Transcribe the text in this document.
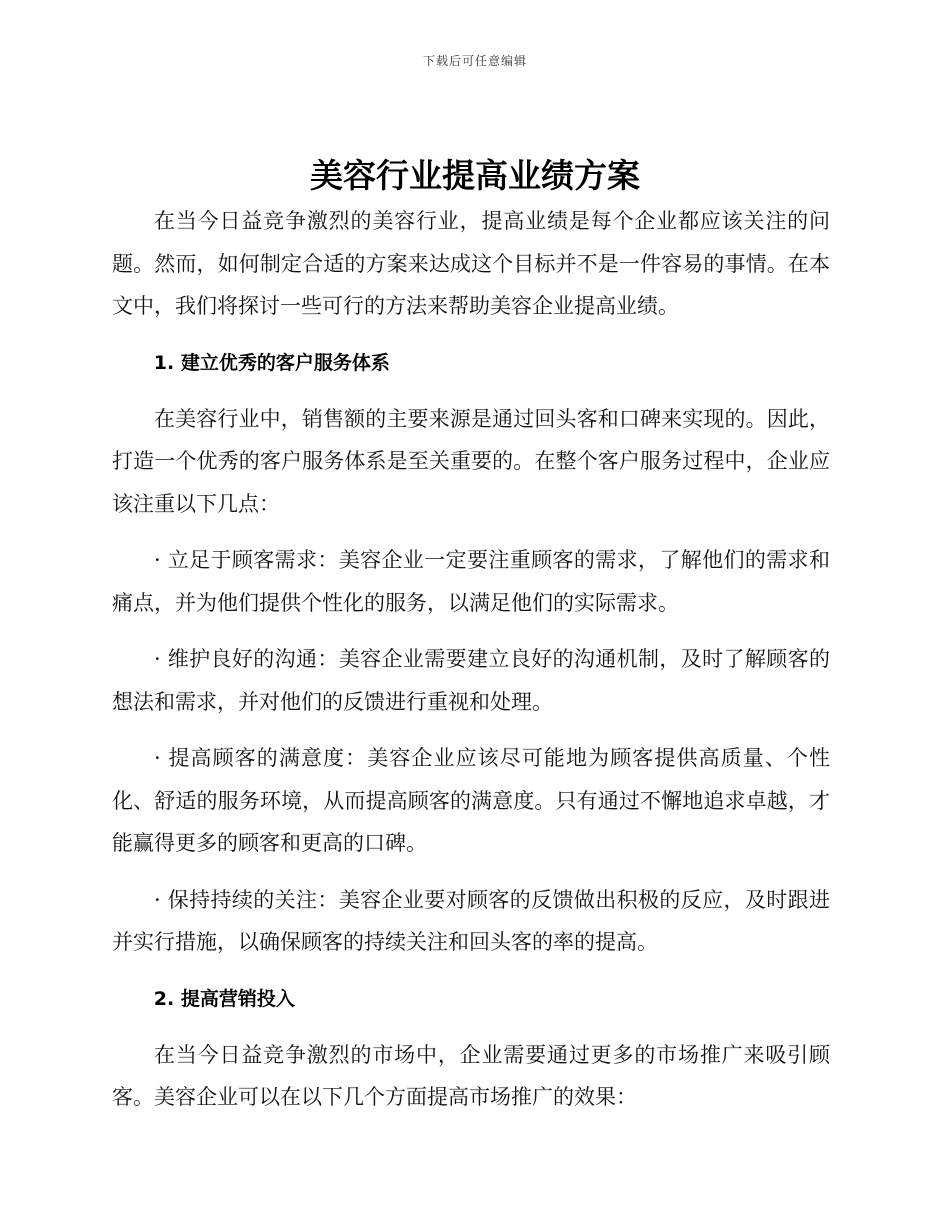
下载后可任意编辑
美容行业提高业绩方案

在当今日益竞争激烈的美容行业，提高业绩是每个企业都应该关注的问题。然而，如何制定合适的方案来达成这个目标并不是一件容易的事情。在本文中，我们将探讨一些可行的方法来帮助美容企业提高业绩。

1. 建立优秀的客户服务体系

在美容行业中，销售额的主要来源是通过回头客和口碑来实现的。因此，打造一个优秀的客户服务体系是至关重要的。在整个客户服务过程中，企业应该注重以下几点：

· 立足于顾客需求：美容企业一定要注重顾客的需求，了解他们的需求和痛点，并为他们提供个性化的服务，以满足他们的实际需求。

· 维护良好的沟通：美容企业需要建立良好的沟通机制，及时了解顾客的想法和需求，并对他们的反馈进行重视和处理。

· 提高顾客的满意度：美容企业应该尽可能地为顾客提供高质量、个性化、舒适的服务环境，从而提高顾客的满意度。只有通过不懈地追求卓越，才能赢得更多的顾客和更高的口碑。

· 保持持续的关注：美容企业要对顾客的反馈做出积极的反应，及时跟进并实行措施，以确保顾客的持续关注和回头客的率的提高。

2. 提高营销投入

在当今日益竞争激烈的市场中，企业需要通过更多的市场推广来吸引顾客。美容企业可以在以下几个方面提高市场推广的效果：
